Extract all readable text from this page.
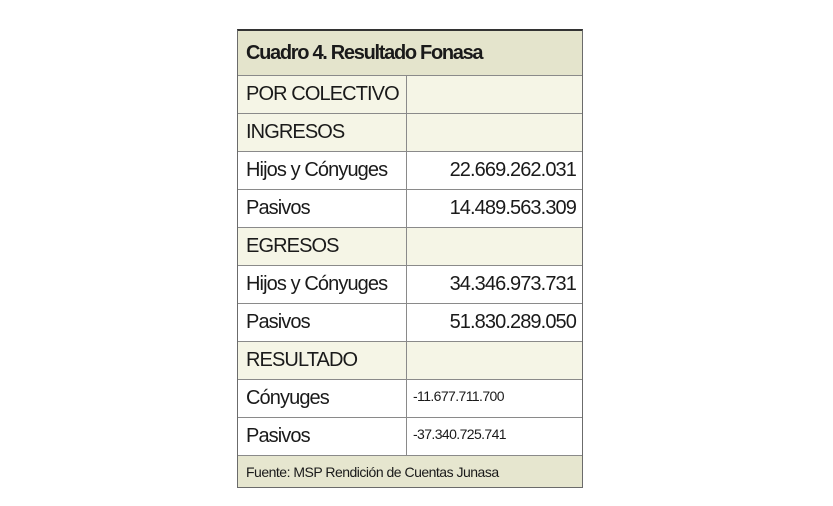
Cuadro 4. Resultado Fonasa
POR COLECTIVO
INGRESOS
Hijos y Cónyuges	22.669.262.031
Pasivos	14.489.563.309
EGRESOS
Hijos y Cónyuges	34.346.973.731
Pasivos	51.830.289.050
RESULTADO
Cónyuges	-11.677.711.700
Pasivos	-37.340.725.741
Fuente: MSP Rendición de Cuentas Junasa
